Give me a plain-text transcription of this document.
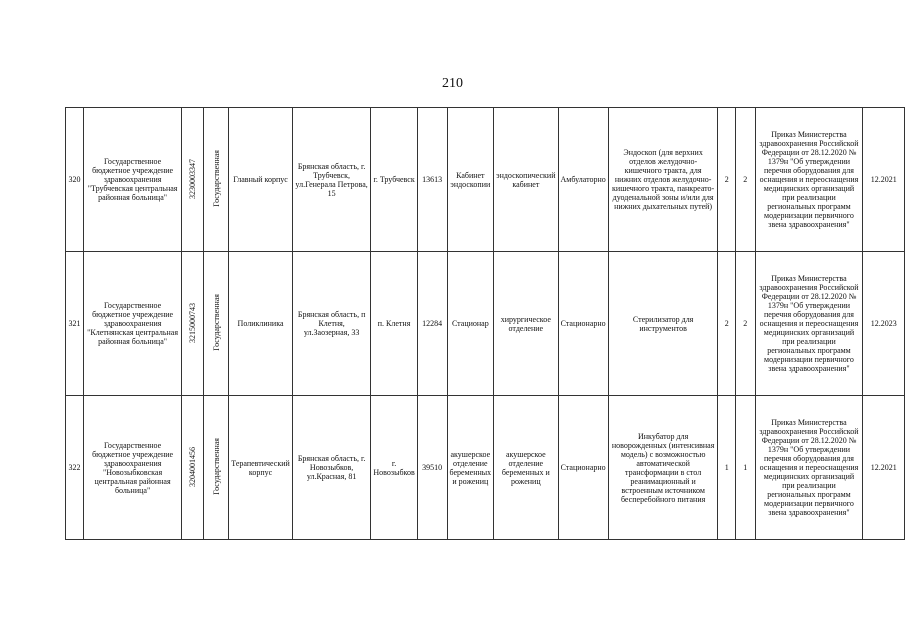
210
320	Государственное бюджетное учреждение здравоохранения "Трубчевская центральная районная больница"	3230003347	Государственная	Главный корпус	Брянская область, г. Трубчевск, ул.Генерала Петрова, 15	г. Трубчевск	13613	Кабинет эндоскопии	эндоскопический кабинет	Амбулаторно	Эндоскоп (для верхних отделов желудочно-кишечного тракта, для нижних отделов желудочно-кишечного тракта, панкреато-дуоденальной зоны и/или для нижних дыхательных путей)	2	2	Приказ Министерства здравоохранения Российской Федерации от 28.12.2020 № 1379н "Об утверждении перечня оборудования для оснащения и переоснащения медицинских организаций при реализации региональных программ модернизации первичного звена здравоохранения"	12.2021
321	Государственное бюджетное учреждение здравоохранения "Клетнянская центральная районная больница"	3215000743	Государственная	Поликлиника	Брянская область, п Клетня, ул.Заозерная, 33	п. Клетня	12284	Стационар	хирургическое отделение	Стационарно	Стерилизатор для инструментов	2	2	Приказ Министерства здравоохранения Российской Федерации от 28.12.2020 № 1379н "Об утверждении перечня оборудования для оснащения и переоснащения медицинских организаций при реализации региональных программ модернизации первичного звена здравоохранения"	12.2023
322	Государственное бюджетное учреждение здравоохранения "Новозыбковская центральная районная больница"	3204001456	Государственная	Терапевтический корпус	Брянская область, г. Новозыбков, ул.Красная, 81	г. Новозыбков	39510	акушерское отделение беременных и рожениц	акушерское отделение беременных и рожениц	Стационарно	Инкубатор для новорожденных (интенсивная модель) с возможностью автоматической трансформации в стол реанимационный и встроенным источником бесперебойного питания	1	1	Приказ Министерства здравоохранения Российской Федерации от 28.12.2020 № 1379н "Об утверждении перечня оборудования для оснащения и переоснащения медицинских организаций при реализации региональных программ модернизации первичного звена здравоохранения"	12.2021
